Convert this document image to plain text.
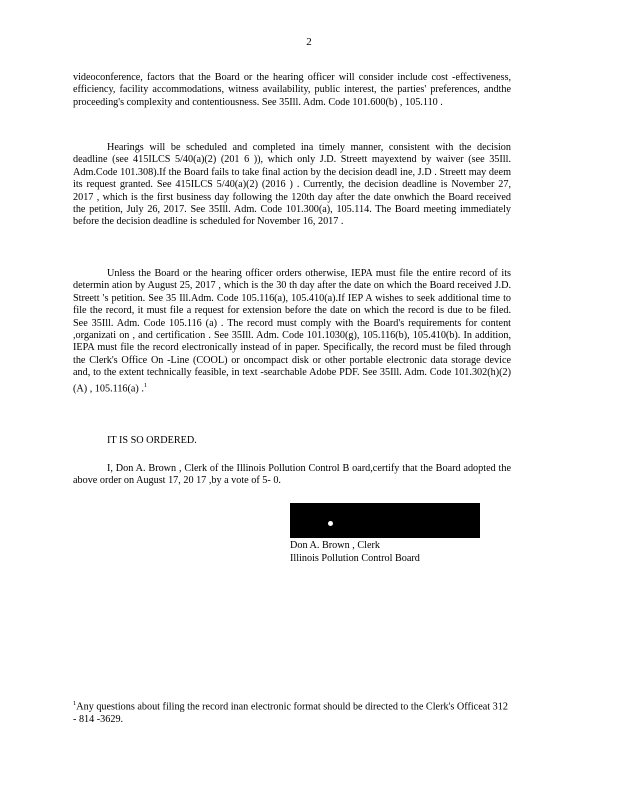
2

videoconference, factors that the Board or the hearing officer will consider include cost -effectiveness, efficiency, facility accommodations, witness availability, public interest, the parties' preferences, andthe proceeding's complexity and contentiousness. See 35Ill. Adm. Code 101.600(b) , 105.110 .

Hearings will be scheduled and completed ina timely manner, consistent with the decision deadline (see 415ILCS 5/40(a)(2) (201 6 )), which only J.D. Streett mayextend by waiver (see 35Ill. Adm.Code 101.308).If the Board fails to take final action by the decision deadl ine, J.D . Streett may deem its request granted. See 415ILCS 5/40(a)(2) (2016 ) . Currently, the decision deadline is November 27, 2017 , which is the first business day following the 120th day after the date onwhich the Board received the petition, July 26, 2017. See 35Ill. Adm. Code 101.300(a), 105.114. The Board meeting immediately before the decision deadline is scheduled for November 16, 2017 .

Unless the Board or the hearing officer orders otherwise, IEPA must file the entire record of its determin ation by August 25, 2017 , which is the 30 th day after the date on which the Board received J.D. Streett 's petition. See 35 Ill.Adm. Code 105.116(a), 105.410(a).If IEP A wishes to seek additional time to file the record, it must file a request for extension before the date on which the record is due to be filed. See 35Ill. Adm. Code 105.116 (a) . The record must comply with the Board's requirements for content ,organizati on , and certification . See 35Ill. Adm. Code 101.1030(g), 105.116(b), 105.410(b). In addition, IEPA must file the record electronically instead of in paper. Specifically, the record must be filed through the Clerk's Office On -Line (COOL) or oncompact disk or other portable electronic data storage device and, to the extent technically feasible, in text -searchable Adobe PDF. See 35Ill. Adm. Code 101.302(h)(2)(A) , 105.116(a) .$^1$

IT IS SO ORDERED.

I, Don A. Brown , Clerk of the Illinois Pollution Control B oard,certify that the Board adopted the above order on August 17, 20 17 ,by a vote of 5- 0.

Don A. Brown , Clerk
Illinois Pollution Control Board
$^1$Any questions about filing the record inan electronic format should be directed to the Clerk's Officeat 312 - 814 -3629.
